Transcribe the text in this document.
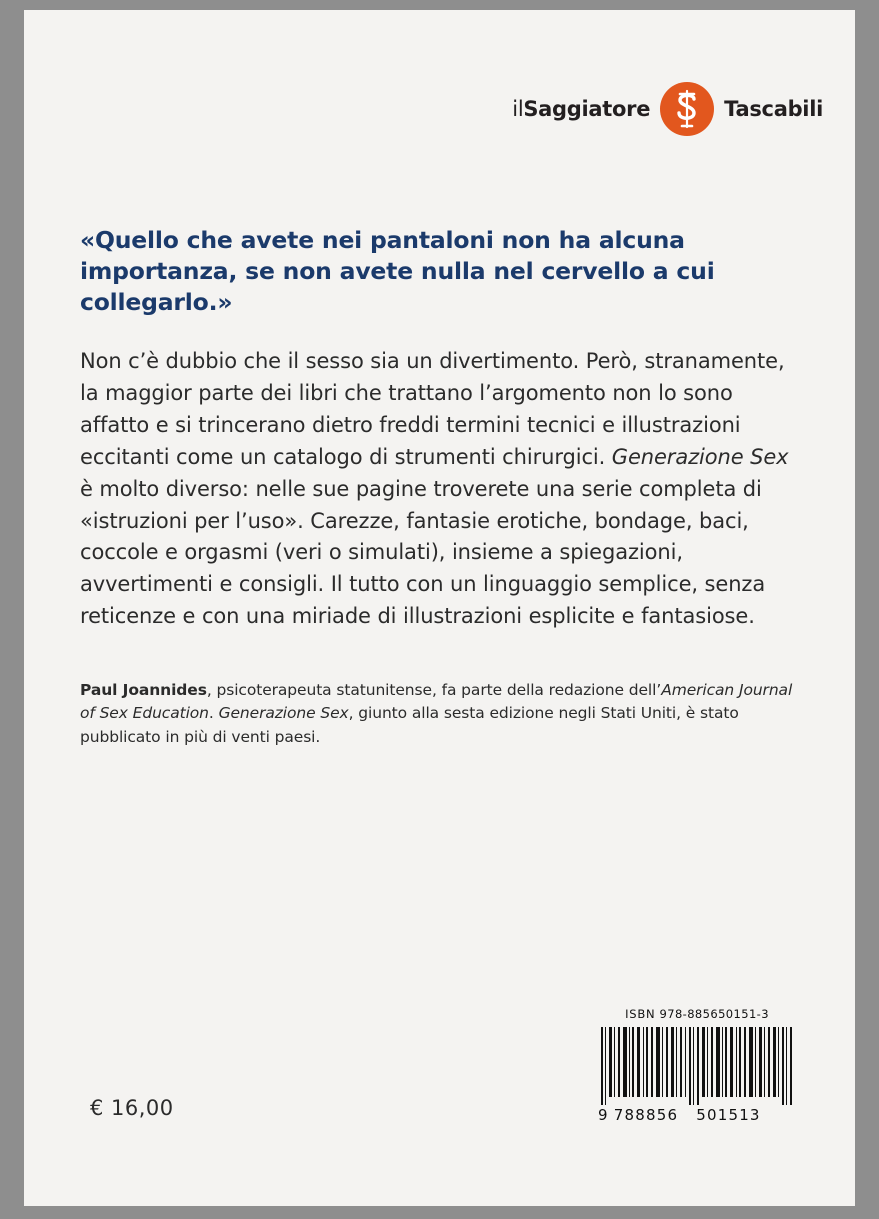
ilSaggiatore	Tascabili

«Quello che avete nei pantaloni non ha alcuna importanza, se non avete nulla nel cervello a cui collegarlo.»

Non c’è dubbio che il sesso sia un divertimento. Però, stranamente, la maggior parte dei libri che trattano l’argomento non lo sono affatto e si trincerano dietro freddi termini tecnici e illustrazioni eccitanti come un catalogo di strumenti chirurgici. Generazione Sex è molto diverso: nelle sue pagine troverete una serie completa di «istruzioni per l’uso». Carezze, fantasie erotiche, bondage, baci, coccole e orgasmi (veri o simulati), insieme a spiegazioni, avvertimenti e consigli. Il tutto con un linguaggio semplice, senza reticenze e con una miriade di illustrazioni esplicite e fantasiose.

Paul Joannides, psicoterapeuta statunitense, fa parte della redazione dell’American Journal of Sex Education. Generazione Sex, giunto alla sesta edizione negli Stati Uniti, è stato pubblicato in più di venti paesi.

€ 16,00
ISBN 978-885650151-3
9 788856 501513
